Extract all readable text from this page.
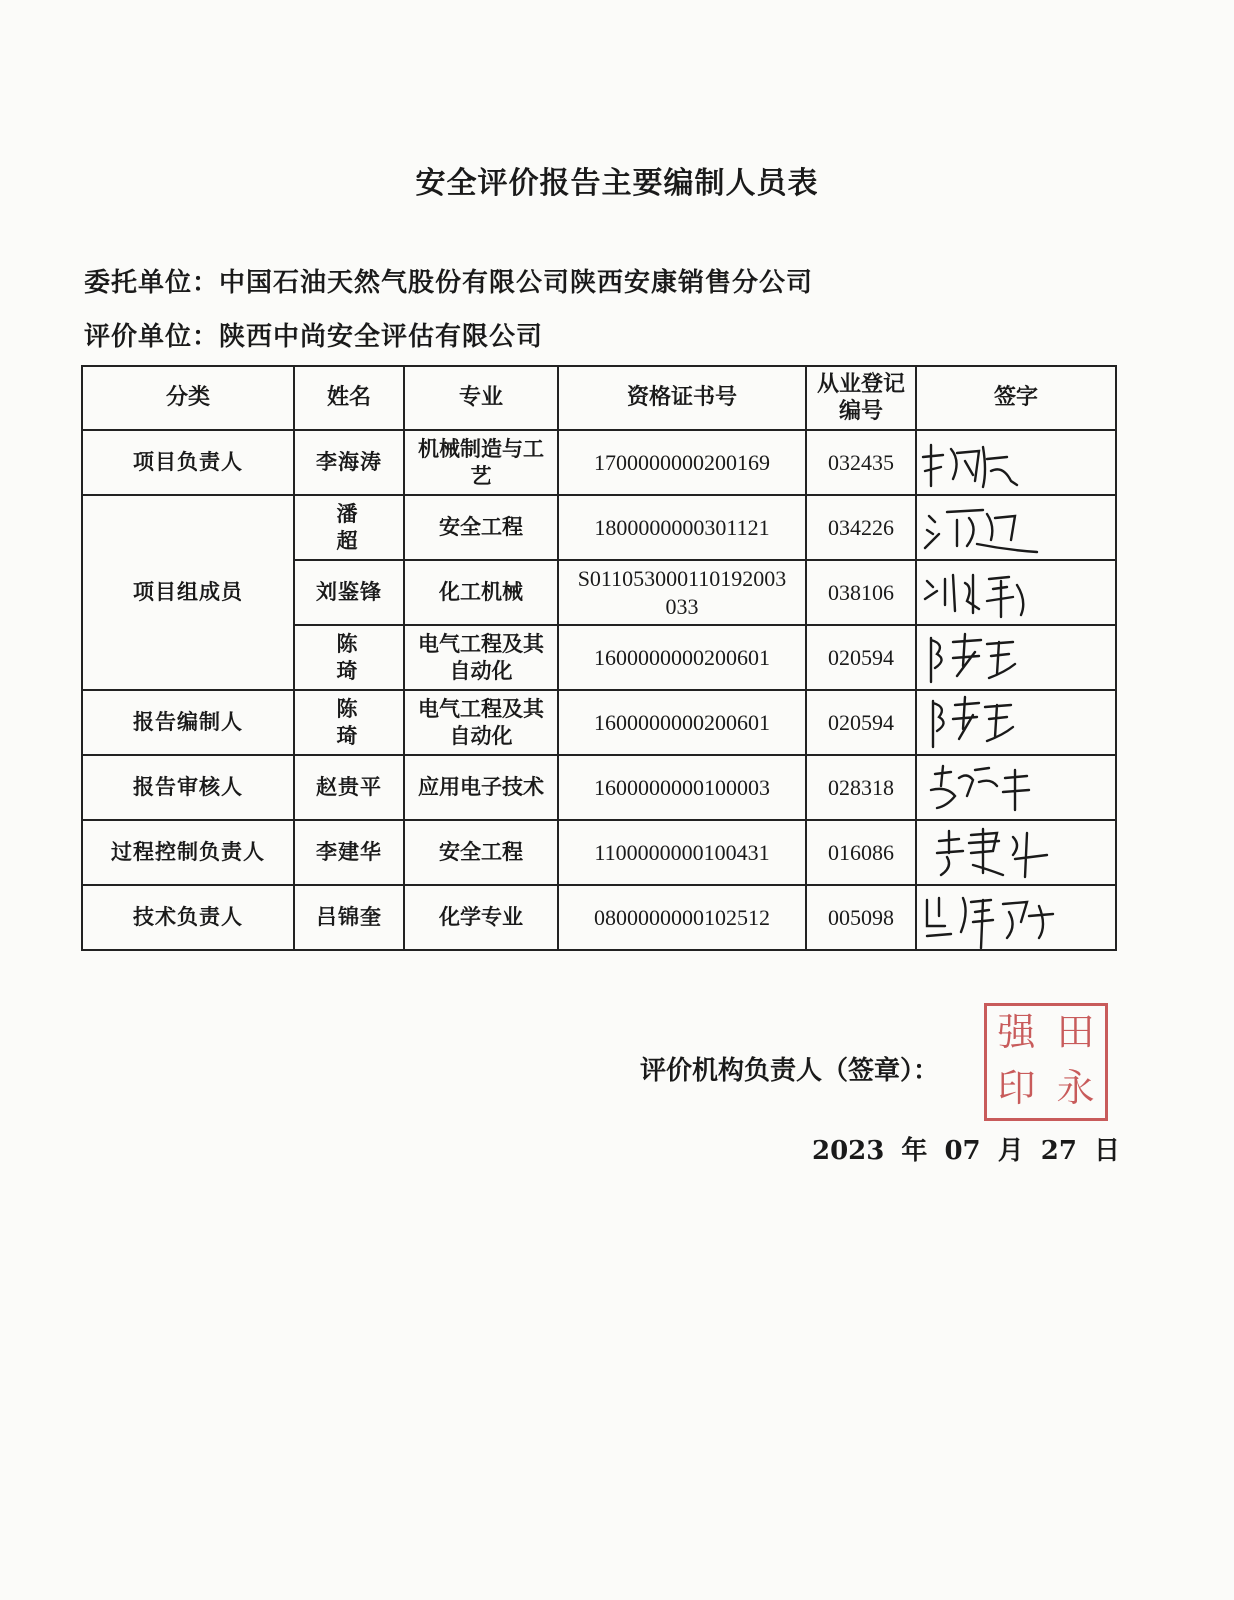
安全评价报告主要编制人员表
委托单位：中国石油天然气股份有限公司陕西安康销售分公司
评价单位：陕西中尚安全评估有限公司
分类	姓名	专业	资格证书号	从业登记编号	签字
项目负责人	李海涛	机械制造与工艺	1700000000200169	032435	

项目组成员	潘 超	安全工程	1800000000301121	034226	

	刘鉴锋	化工机械	S011053000110192003033	038106	

	陈 琦	电气工程及其自动化	1600000000200601	020594	

报告编制人	陈 琦	电气工程及其自动化	1600000000200601	020594	

报告审核人	赵贵平	应用电子技术	1600000000100003	028318	

过程控制负责人	李建华	安全工程	1100000000100431	016086	

技术负责人	吕锦奎	化学专业	0800000000102512	005098	
评价机构负责人（签章）：
强 田
印 永
2023 年 07 月 27 日
